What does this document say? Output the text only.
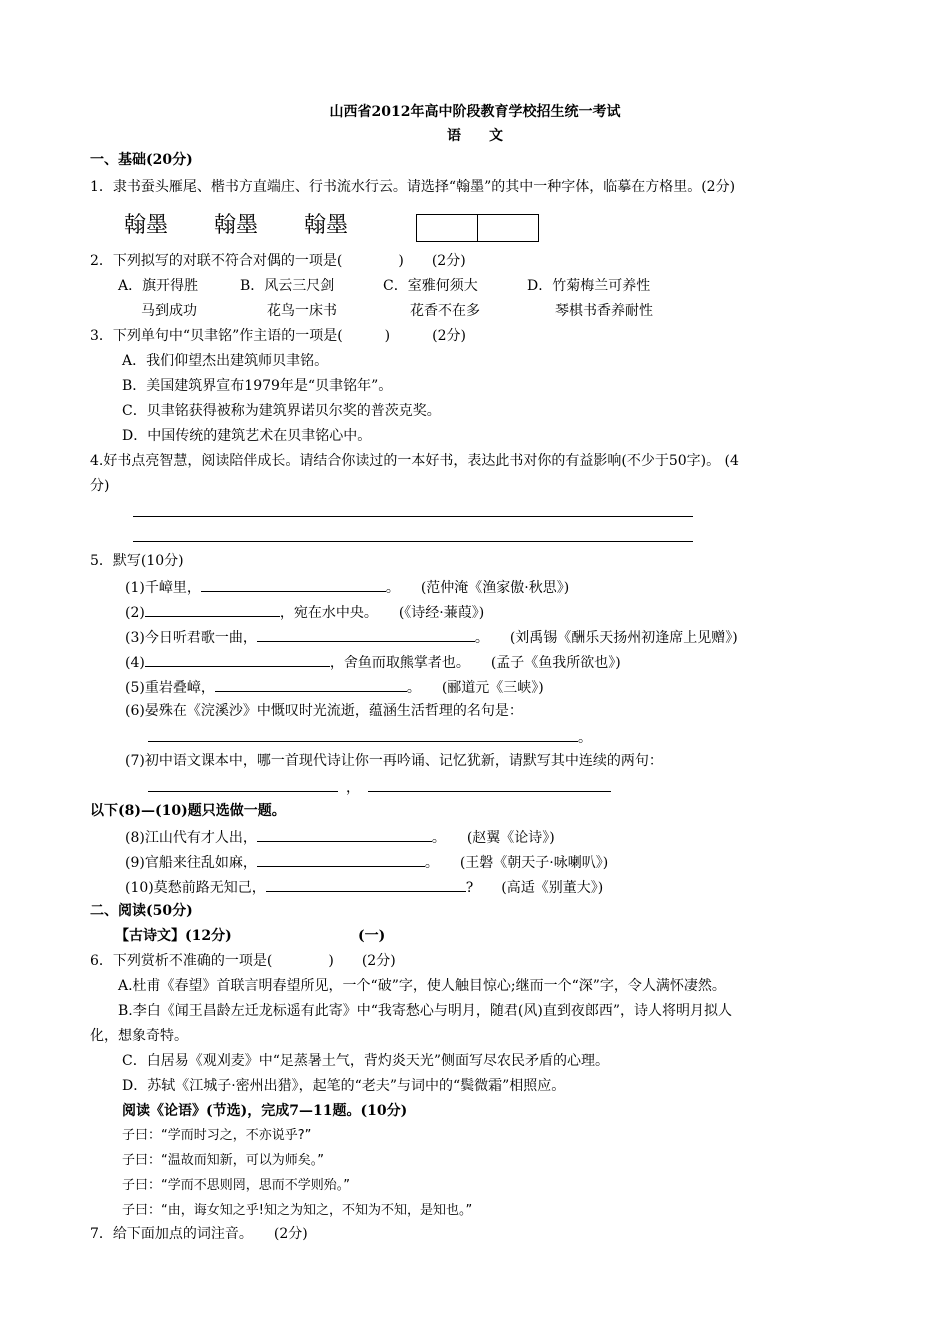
山西省2012年高中阶段教育学校招生统一考试
语　　文
一、基础(20分)
1．隶书蚕头雁尾、楷书方直端庄、行书流水行云。请选择“翰墨”的其中一种字体，临摹在方格里。(2分)
翰墨 翰墨 翰墨
2．下列拟写的对联不符合对偶的一项是(　　　　)　　(2分)
A．旗开得胜	B．风云三尺剑	C．室雅何须大	D．竹菊梅兰可养性
马到成功	花鸟一床书	花香不在多	琴棋书香养耐性
3．下列单句中“贝聿铭”作主语的一项是(　　　)　　　(2分)
A．我们仰望杰出建筑师贝聿铭。
B．美国建筑界宣布1979年是“贝聿铭年”。
C．贝聿铭获得被称为建筑界诺贝尔奖的普茨克奖。
D．中国传统的建筑艺术在贝聿铭心中。
4.好书点亮智慧，阅读陪伴成长。请结合你读过的一本好书，表达此书对你的有益影响(不少于50字)。 (4
分)
5．默写(10分)
(1)千嶂里，	。　　(范仲淹《渔家傲·秋思》)
(2)	，宛在水中央。　　(《诗经·蒹葭》)
(3)今日听君歌一曲，	。　　(刘禹锡《酬乐天扬州初逢席上见赠》)
(4)	，舍鱼而取熊掌者也。　　(孟子《鱼我所欲也》)
(5)重岩叠嶂，	。　　(郦道元《三峡》)
(6)晏殊在《浣溪沙》中慨叹时光流逝，蕴涵生活哲理的名句是：
。
(7)初中语文课本中，哪一首现代诗让你一再吟诵、记忆犹新，请默写其中连续的两句：
，
以下(8)—(10)题只选做一题。
(8)江山代有才人出，	。　　(赵翼《论诗》)
(9)官船来往乱如麻，	。　　(王磐《朝天子·咏喇叭》)
(10)莫愁前路无知己，	?　　(高适《别董大》)
二、阅读(50分)
【古诗文】(12分)	(一)
6．下列赏析不准确的一项是(　　　　)　　(2分)
A.杜甫《春望》首联言明春望所见，一个“破”字，使人触目惊心;继而一个“深”字，令人满怀凄然。
B.李白《闻王昌龄左迁龙标遥有此寄》中“我寄愁心与明月，随君(风)直到夜郎西”，诗人将明月拟人
化，想象奇特。
C．白居易《观刈麦》中“足蒸暑土气，背灼炎天光”侧面写尽农民矛盾的心理。
D．苏轼《江城子·密州出猎》，起笔的“老夫”与词中的“鬓微霜”相照应。
阅读《论语》(节选)，完成7—11题。(10分)
子曰：“学而时习之，不亦说乎?”
子曰：“温故而知新，可以为师矣。”
子曰：“学而不思则罔，思而不学则殆。”
子曰：“由，诲女知之乎!知之为知之，不知为不知，是知也。”
7．给下面加点的词注音。　　(2分)
